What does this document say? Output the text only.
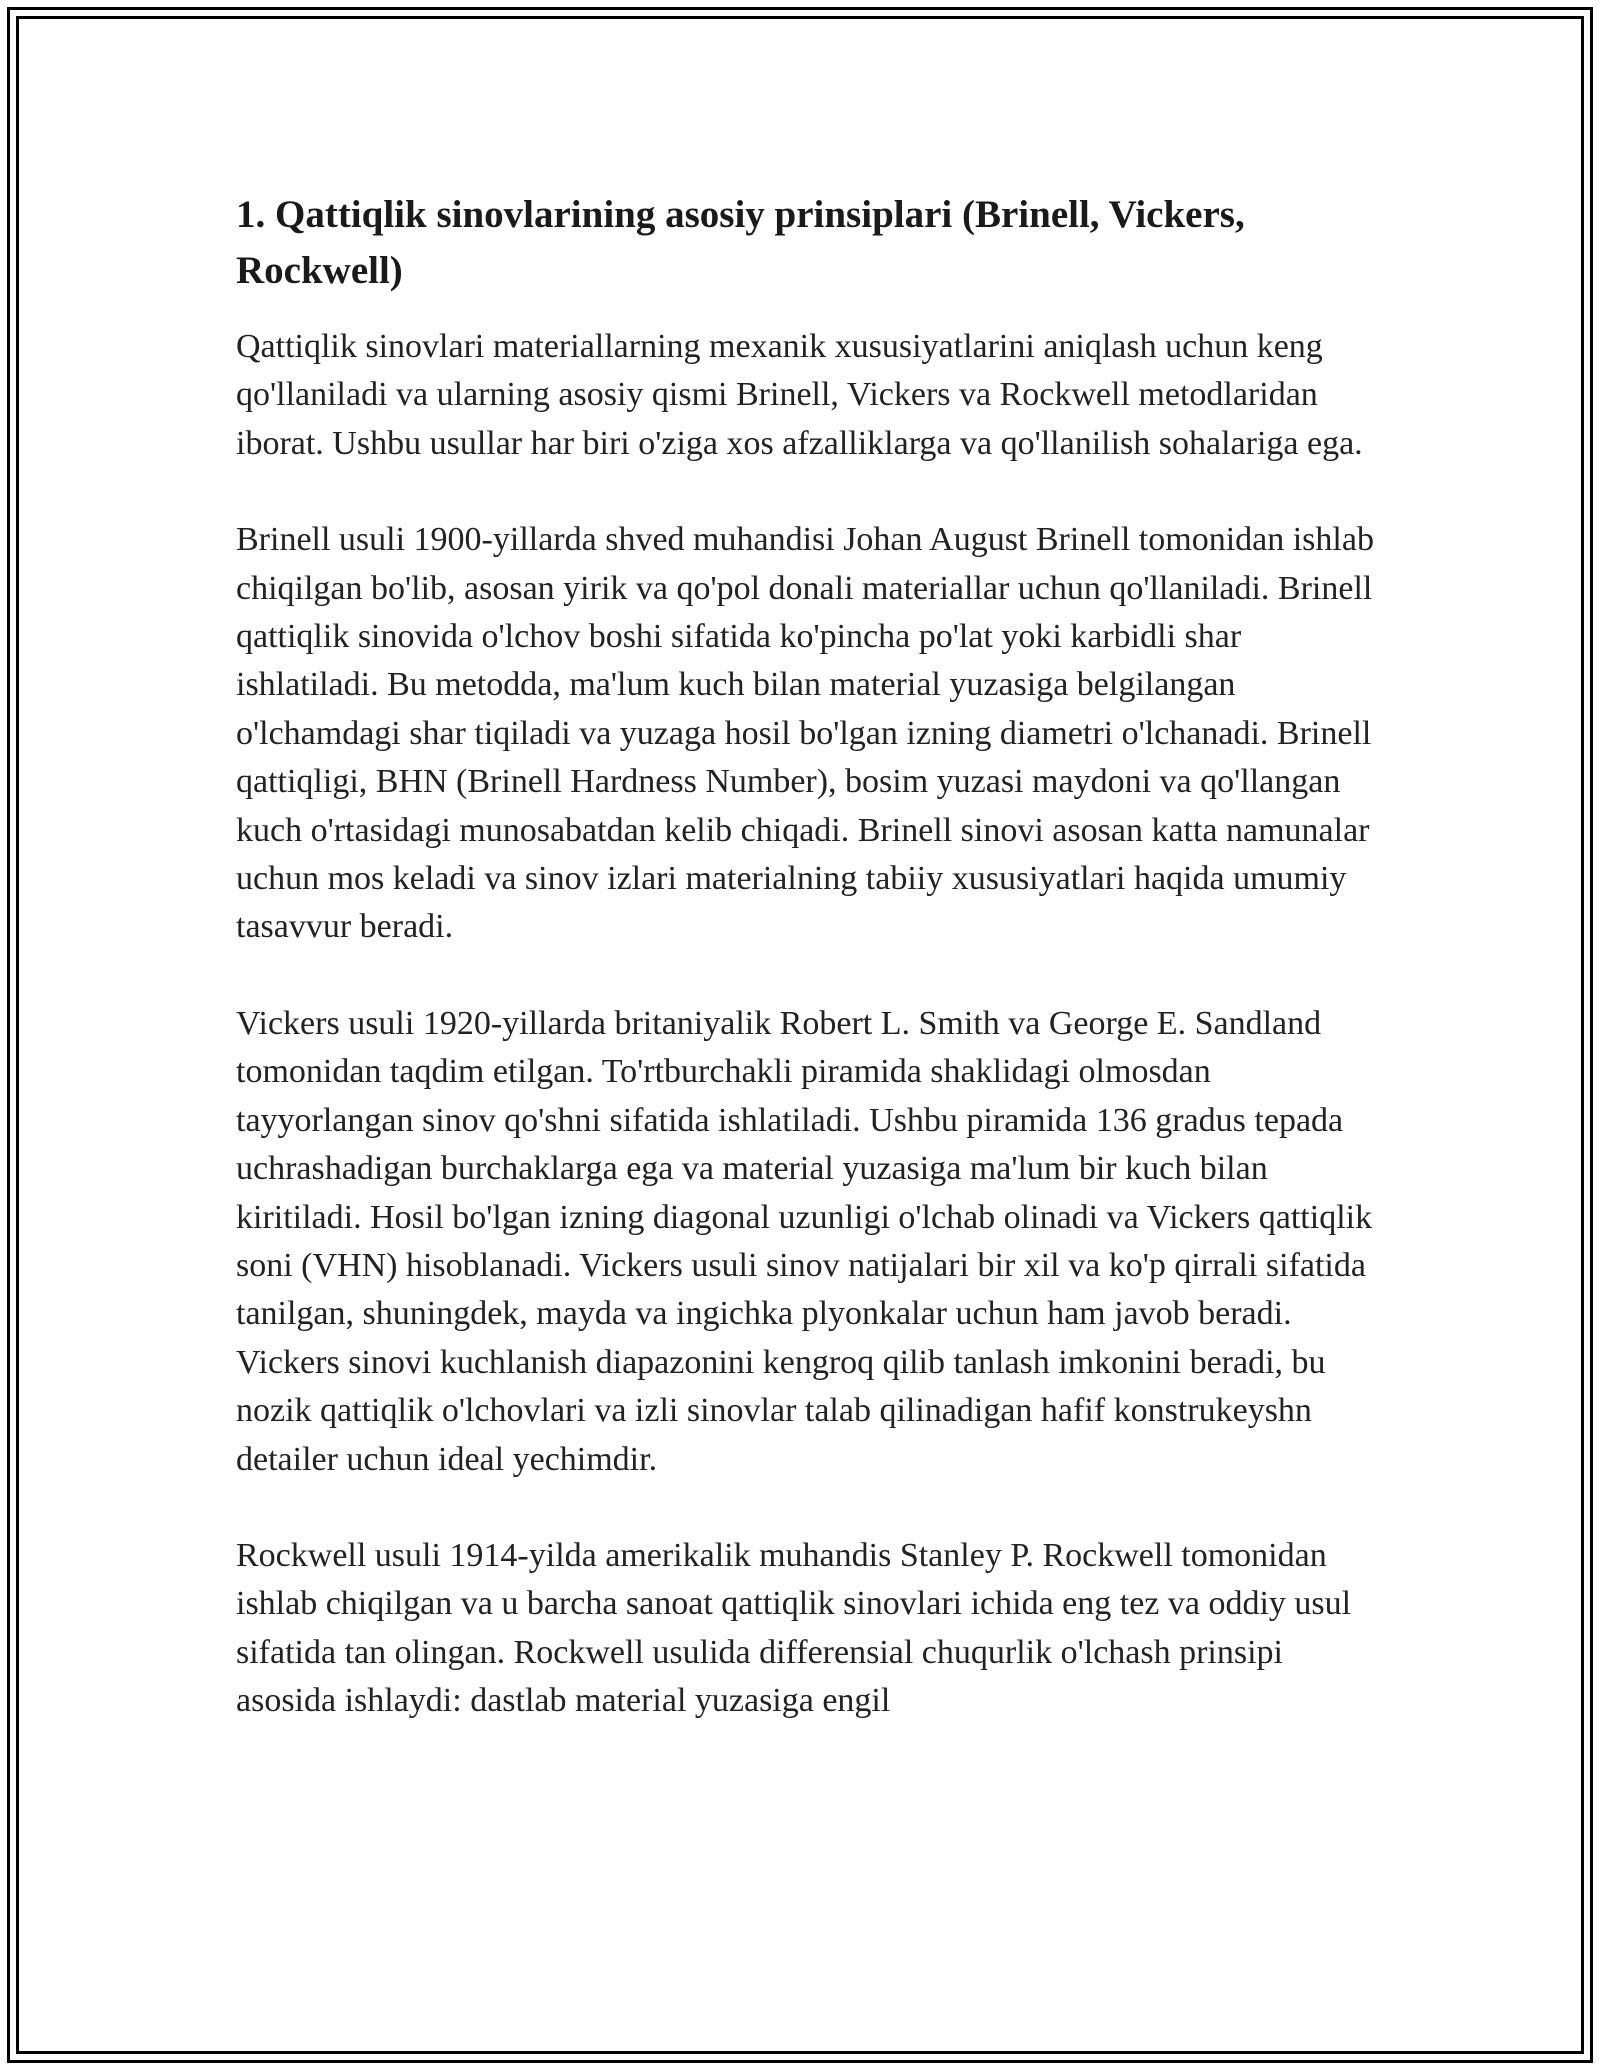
1. Qattiqlik sinovlarining asosiy prinsiplari (Brinell, Vickers, Rockwell)

Qattiqlik sinovlari materiallarning mexanik xususiyatlarini aniqlash uchun keng qo'llaniladi va ularning asosiy qismi Brinell, Vickers va Rockwell metodlaridan iborat. Ushbu usullar har biri o'ziga xos afzalliklarga va qo'llanilish sohalariga ega.

Brinell usuli 1900-yillarda shved muhandisi Johan August Brinell tomonidan ishlab chiqilgan bo'lib, asosan yirik va qo'pol donali materiallar uchun qo'llaniladi. Brinell qattiqlik sinovida o'lchov boshi sifatida ko'pincha po'lat yoki karbidli shar ishlatiladi. Bu metodda, ma'lum kuch bilan material yuzasiga belgilangan o'lchamdagi shar tiqiladi va yuzaga hosil bo'lgan izning diametri o'lchanadi. Brinell qattiqligi, BHN (Brinell Hardness Number), bosim yuzasi maydoni va qo'llangan kuch o'rtasidagi munosabatdan kelib chiqadi. Brinell sinovi asosan katta namunalar uchun mos keladi va sinov izlari materialning tabiiy xususiyatlari haqida umumiy tasavvur beradi.

Vickers usuli 1920-yillarda britaniyalik Robert L. Smith va George E. Sandland tomonidan taqdim etilgan. To'rtburchakli piramida shaklidagi olmosdan tayyorlangan sinov qo'shni sifatida ishlatiladi. Ushbu piramida 136 gradus tepada uchrashadigan burchaklarga ega va material yuzasiga ma'lum bir kuch bilan kiritiladi. Hosil bo'lgan izning diagonal uzunligi o'lchab olinadi va Vickers qattiqlik soni (VHN) hisoblanadi. Vickers usuli sinov natijalari bir xil va ko'p qirrali sifatida tanilgan, shuningdek, mayda va ingichka plyonkalar uchun ham javob beradi. Vickers sinovi kuchlanish diapazonini kengroq qilib tanlash imkonini beradi, bu nozik qattiqlik o'lchovlari va izli sinovlar talab qilinadigan hafif konstrukeyshn detailer uchun ideal yechimdir.

Rockwell usuli 1914-yilda amerikalik muhandis Stanley P. Rockwell tomonidan ishlab chiqilgan va u barcha sanoat qattiqlik sinovlari ichida eng tez va oddiy usul sifatida tan olingan. Rockwell usulida differensial chuqurlik o'lchash prinsipi asosida ishlaydi: dastlab material yuzasiga engil
